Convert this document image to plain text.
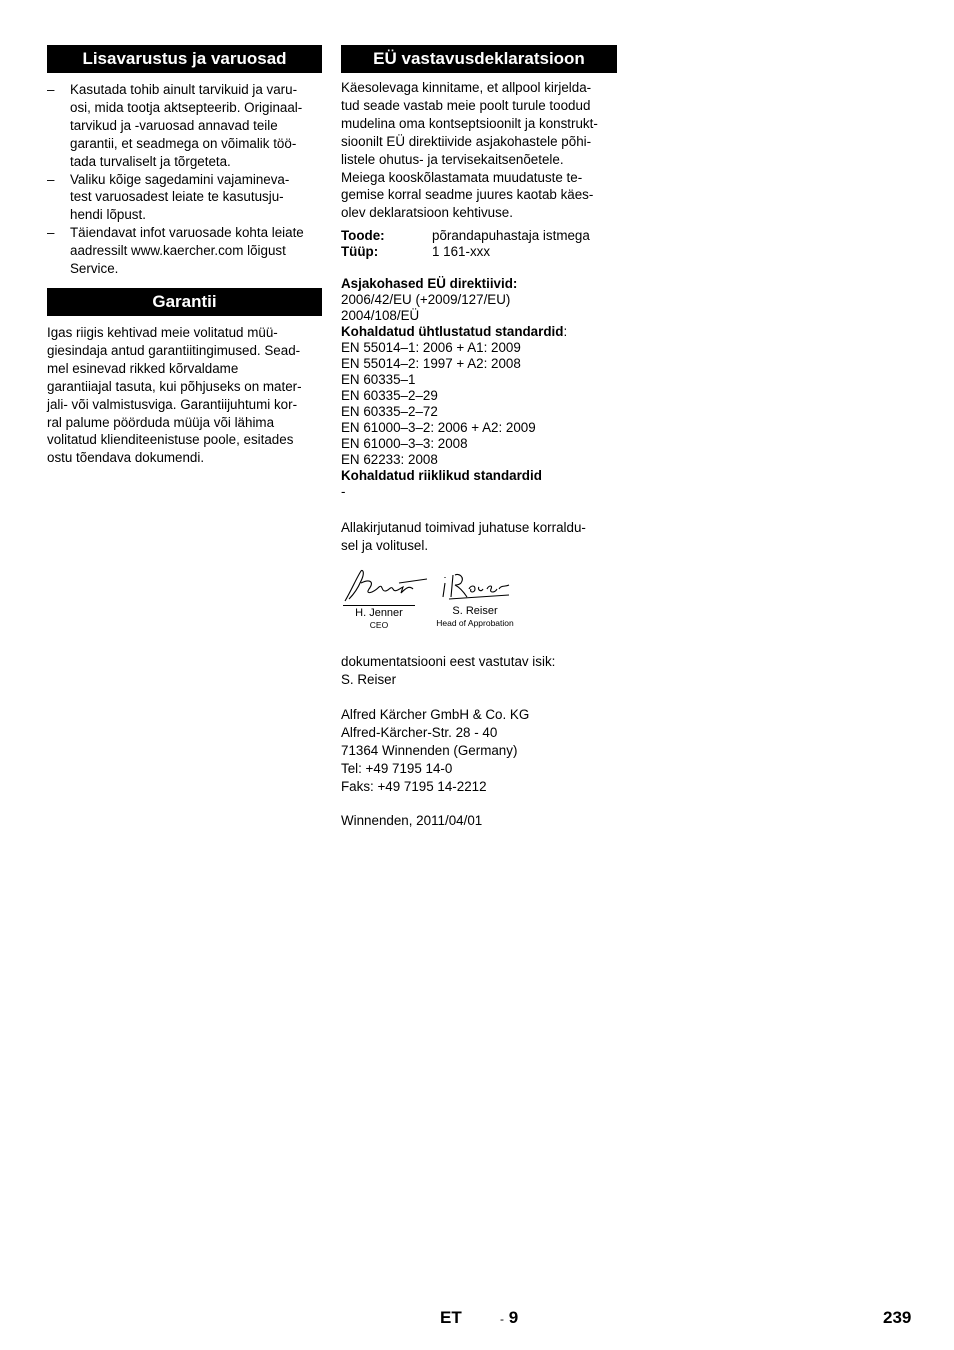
Lisavarustus ja varuosad
– Kasutada tohib ainult tarvikuid ja varu-
osi, mida tootja aktsepteerib. Originaal-
tarvikud ja -varuosad annavad teile
garantii, et seadmega on võimalik töö-
tada turvaliselt ja tõrgeteta.
– Valiku kõige sagedamini vajamineva-
test varuosadest leiate te kasutusju-
hendi lõpust.
– Täiendavat infot varuosade kohta leiate
aadressilt www.kaercher.com lõigust
Service.
Garantii
Igas riigis kehtivad meie volitatud müü-
giesindaja antud garantiitingimused. Sead-
mel esinevad rikked kõrvaldame
garantiiajal tasuta, kui põhjuseks on mater-
jali- või valmistusviga. Garantiijuhtumi kor-
ral palume pöörduda müüja või lähima
volitatud klienditeenistuse poole, esitades
ostu tõendava dokumendi.
EÜ vastavusdeklaratsioon
Käesolevaga kinnitame, et allpool kirjelda-
tud seade vastab meie poolt turule toodud
mudelina oma kontseptsioonilt ja konstrukt-
sioonilt EÜ direktiivide asjakohastele põhi-
listele ohutus- ja tervisekaitsenõetele.
Meiega kooskõlastamata muudatuste te-
gemise korral seadme juures kaotab käes-
olev deklaratsioon kehtivuse.
Toode:	põrandapuhastaja istmega
Tüüp:	1 161-xxx
Asjakohased EÜ direktiivid:
2006/42/EU (+2009/127/EU)
2004/108/EÜ
Kohaldatud ühtlustatud standardid:
EN 55014–1: 2006 + A1: 2009
EN 55014–2: 1997 + A2: 2008
EN 60335–1
EN 60335–2–29
EN 60335–2–72
EN 61000–3–2: 2006 + A2: 2009
EN 61000–3–3: 2008
EN 62233: 2008
Kohaldatud riiklikud standardid
-
Allakirjutanud toimivad juhatuse korraldu-
sel ja volitusel.
H. Jenner
CEO
S. Reiser
Head of Approbation
dokumentatsiooni eest vastutav isik:
S. Reiser
Alfred Kärcher GmbH & Co. KG
Alfred-Kärcher-Str. 28 - 40
71364 Winnenden (Germany)
Tel: +49 7195 14-0
Faks: +49 7195 14-2212
Winnenden, 2011/04/01
ET	- 9	239
